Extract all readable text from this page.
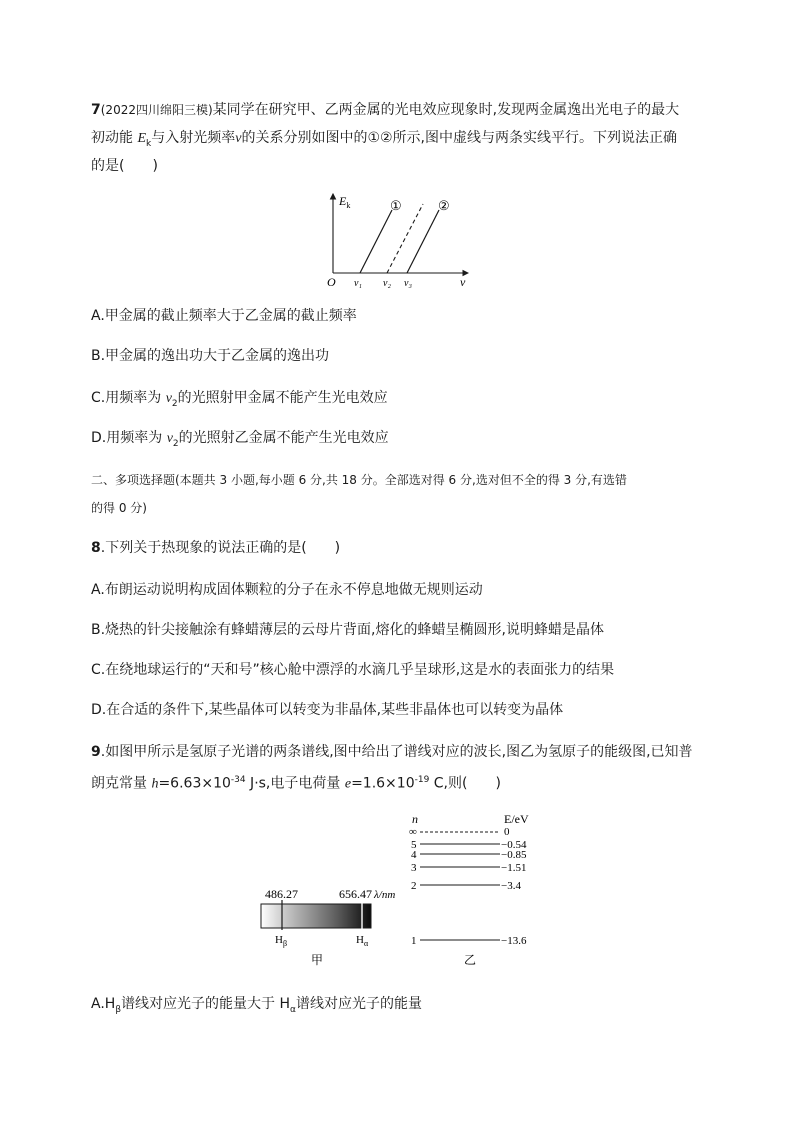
7(2022四川绵阳三模)某同学在研究甲、乙两金属的光电效应现象时,发现两金属逸出光电子的最大
初动能 $E_k$与入射光频率ν的关系分别如图中的①②所示,图中虚线与两条实线平行。下列说法正确
的是(　　)
$E_k$
ν
O
①	②
ν₁ ν₂ ν₃
A.甲金属的截止频率大于乙金属的截止频率
B.甲金属的逸出功大于乙金属的逸出功
C.用频率为 $\nu_2$的光照射甲金属不能产生光电效应
D.用频率为 $\nu_2$的光照射乙金属不能产生光电效应
二、多项选择题(本题共 3 小题,每小题 6 分,共 18 分。全部选对得 6 分,选对但不全的得 3 分,有选错
的得 0 分)
8.下列关于热现象的说法正确的是(　　)
A.布朗运动说明构成固体颗粒的分子在永不停息地做无规则运动
B.烧热的针尖接触涂有蜂蜡薄层的云母片背面,熔化的蜂蜡呈椭圆形,说明蜂蜡是晶体
C.在绕地球运行的“天和号”核心舱中漂浮的水滴几乎呈球形,这是水的表面张力的结果
D.在合适的条件下,某些晶体可以转变为非晶体,某些非晶体也可以转变为晶体
9.如图甲所示是氢原子光谱的两条谱线,图中给出了谱线对应的波长,图乙为氢原子的能级图,已知普
朗克常量 $h=6.63\times 10^{-34}$ J·s,电子电荷量 $e=1.6\times 10^{-19}$ C,则(　　)
486.27	656.47 λ/nm
$H_\beta$	$H_\alpha$
甲
n	E/eV
∞	0
5	−0.54
4	−0.85
3	−1.51
2	−3.4
1	−13.6
乙
$A.H_\beta$谱线对应光子的能量大于 $H_\alpha$谱线对应光子的能量
